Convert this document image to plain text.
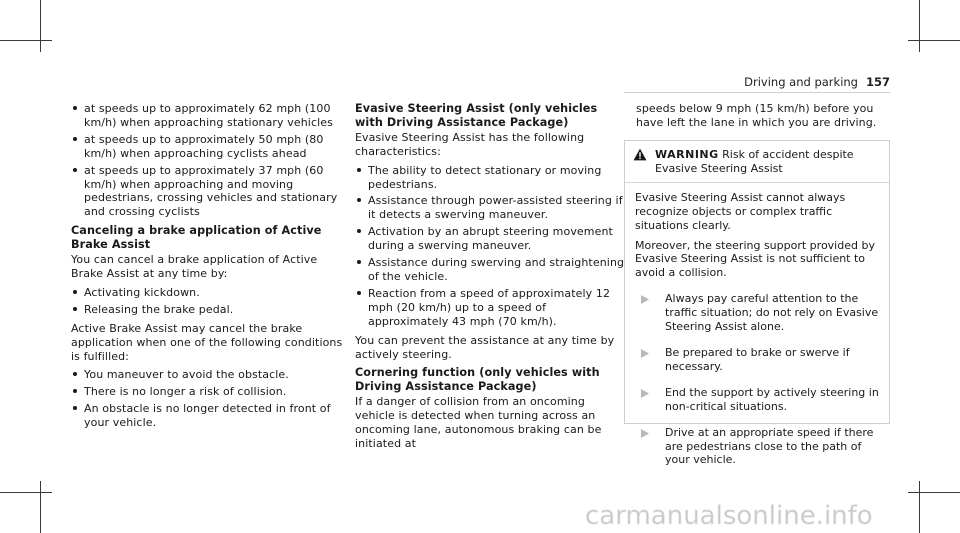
Driving and parking 157
at speeds up to approximately 62 mph (100 km/h) when approaching stationary vehicles
at speeds up to approximately 50 mph (80 km/h) when approaching cyclists ahead
at speeds up to approximately 37 mph (60 km/h) when approaching and moving pedestrians, crossing vehicles and stationary and crossing cyclists
Canceling a brake application of Active Brake Assist

You can cancel a brake application of Active Brake Assist at any time by:

Activating kickdown.
Releasing the brake pedal.

Active Brake Assist may cancel the brake application when one of the following conditions is fulfilled:

You maneuver to avoid the obstacle.
There is no longer a risk of collision.
An obstacle is no longer detected in front of your vehicle.
Evasive Steering Assist (only vehicles with Driving Assistance Package)

Evasive Steering Assist has the following characteristics:

The ability to detect stationary or moving pedestrians.
Assistance through power-assisted steering if it detects a swerving maneuver.
Activation by an abrupt steering movement during a swerving maneuver.
Assistance during swerving and straightening of the vehicle.
Reaction from a speed of approximately 12 mph (20 km/h) up to a speed of approximately 43 mph (70 km/h).

You can prevent the assistance at any time by actively steering.

Cornering function (only vehicles with Driving Assistance Package)

If a danger of collision from an oncoming vehicle is detected when turning across an oncoming lane, autonomous braking can be initiated at

speeds below 9 mph (15 km/h) before you have left the lane in which you are driving.

WARNING Risk of accident despite Evasive Steering Assist

Evasive Steering Assist cannot always recognize objects or complex traffic situations clearly.

Moreover, the steering support provided by Evasive Steering Assist is not sufficient to avoid a collision.

Always pay careful attention to the traffic situation; do not rely on Evasive Steering Assist alone.
Be prepared to brake or swerve if necessary.
End the support by actively steering in non-critical situations.
Drive at an appropriate speed if there are pedestrians close to the path of your vehicle.
carmanualsonline.info
